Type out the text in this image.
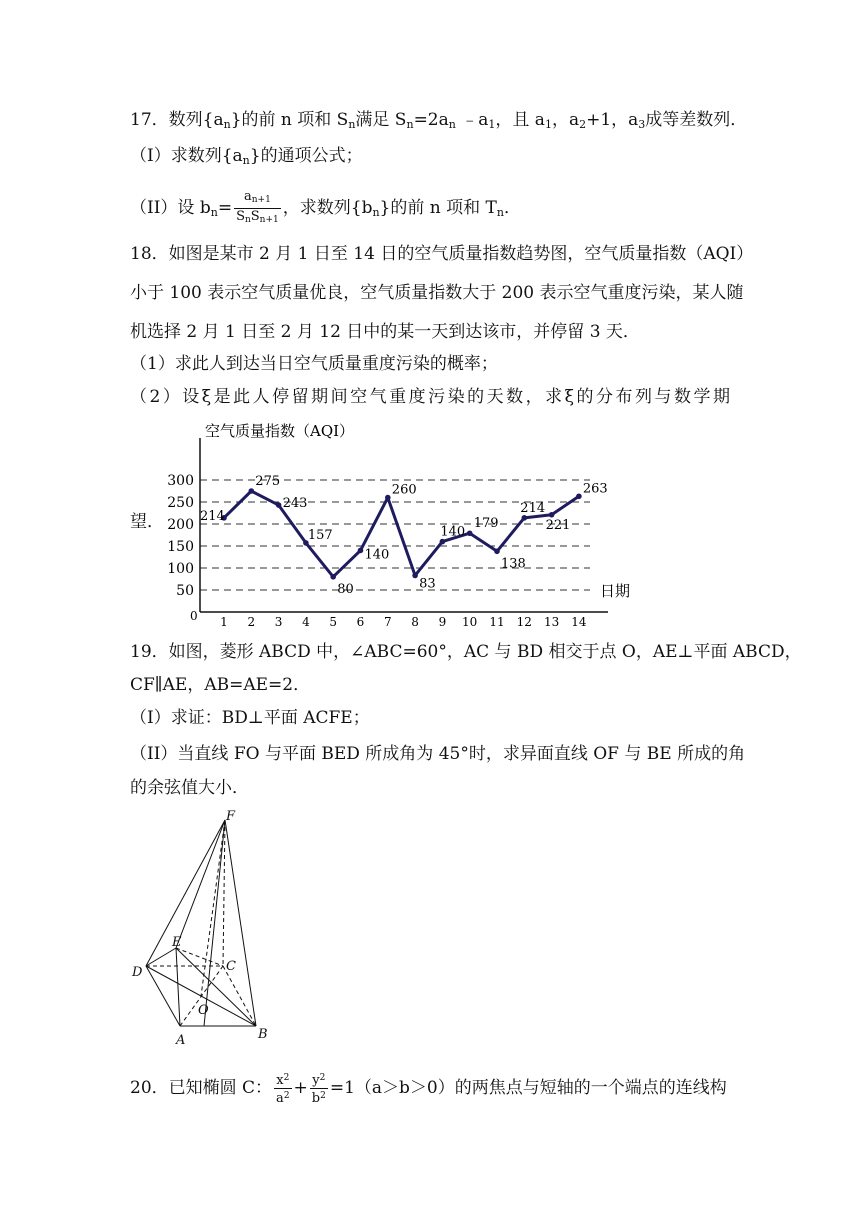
17．数列$\{a_n\}$的前 n 项和 $S_n$满足 $S_n=2a_n$ $﹣a_1$，且 $a_1$，$a_2+1$，$a_3$成等差数列．
（I）求数列$\{a_n\}$的通项公式；
（II）设 $b_n= \frac{a_{n+1}}{S_nS_{n+1}}$ ，求数列$\{b_n\}$的前 n 项和 $T_n$．
18．如图是某市 2 月 1 日至 14 日的空气质量指数趋势图，空气质量指数（AQI）
小于 100 表示空气质量优良，空气质量指数大于 200 表示空气重度污染，某人随
机选择 2 月 1 日至 2 月 12 日中的某一天到达该市，并停留 3 天．
（1）求此人到达当日空气质量重度污染的概率；
（2）设ξ是此人停留期间空气重度污染的天数，求ξ的分布列与数学期
望．
空气质量指数（AQI）
日期
0
50
100
150
200
250
300
1 2 3 4 5 6 7 8 9 10 11 12 13 14
214
275
243
157
80
140
260
83
140
179
138
214
221
263
19．如图，菱形 ABCD 中，∠ABC=60°，AC 与 BD 相交于点 O，AE⊥平面 ABCD，
CF∥AE，AB=AE=2．
（I）求证：BD⊥平面 ACFE；
（II）当直线 FO 与平面 BED 所成角为 45°时，求异面直线 OF 与 BE 所成的角
的余弦值大小．
F
E
D	C
O
A	B
20．已知椭圆 C： $\frac{x^2}{a^2} + \frac{y^2}{b^2} =1(a>b>0)$的两焦点与短轴的一个端点的连线构
